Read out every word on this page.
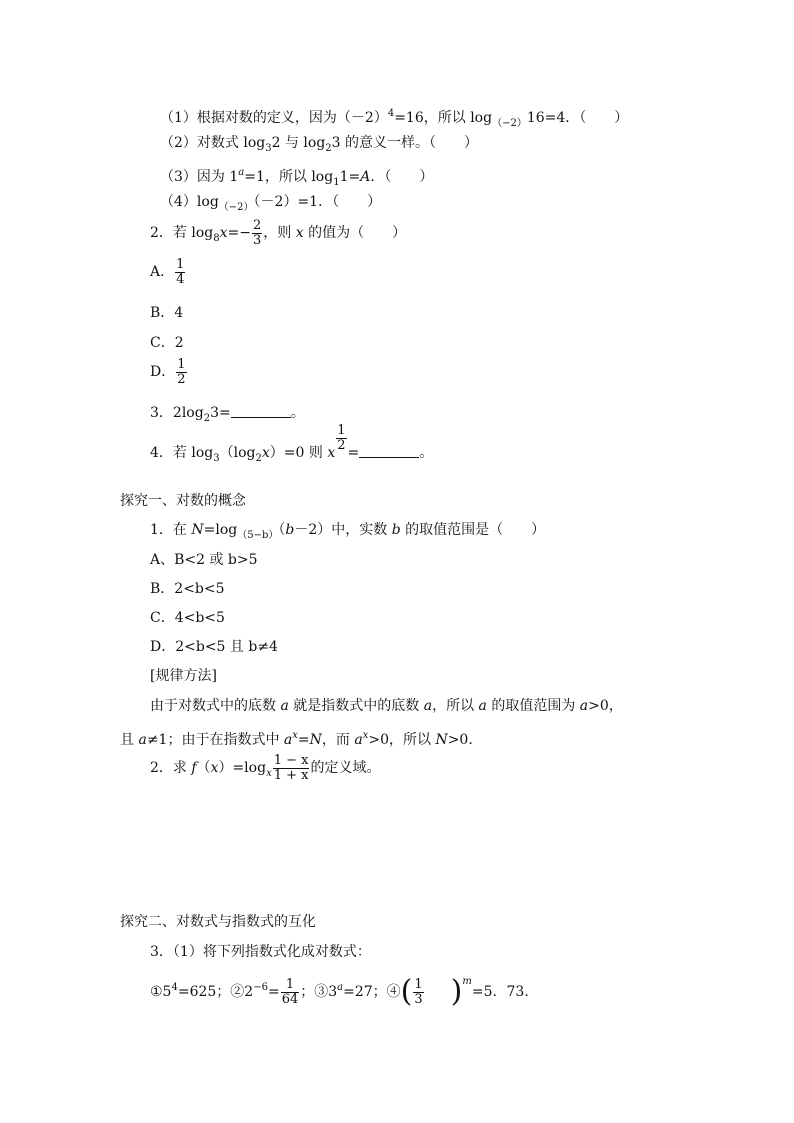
（1）根据对数的定义，因为$(-2)^4=16$，所以 $\log_{(-2)}16=4$．（　　）
（2）对数式 $\log_32$ 与 $\log_23$ 的意义一样。（　　）
（3）因为 $1^a=1$，所以 $\log_11=A$．（　　）
$(4)\log_{(-2)}(-2)=1$．（　　）
2．若 $\log_8x=- \frac{2}{3}$ ，则 x 的值为（　　）
A． $\frac{1}{4}$
B．4
C．2
D． $\frac{1}{2}$
3．$2\log_23=$	。
4．若 $\log_3(\log_2x)=0$ 则 x $\frac{1}{2}$ =	。
探究一、对数的概念
1．在 $N=\log_{(5-b)}(b-2)$中，实数 b 的取值范围是（　　）
A、B<2 或 b>5
B．2<b<5
C．4<b<5
D．2<b<5 且 b≠4
[规律方法]
由于对数式中的底数 a 就是指数式中的底数 a，所以 a 的取值范围为 a>0，
且 a≠1；由于在指数式中 $a^x=N$，而 $a^x>0$，所以 N>0.
2．求 $f(x)=\log_x \frac{1 - x}{1 + x}$ 的定义域。
探究二、对数式与指数式的互化
3．（1）将下列指数式化成对数式：
$①5^4=625$；$②2^{-6}= \frac{1}{64}$ ；$③3^a=27$；④( $\frac{1}{3} )^m=5$．73．
